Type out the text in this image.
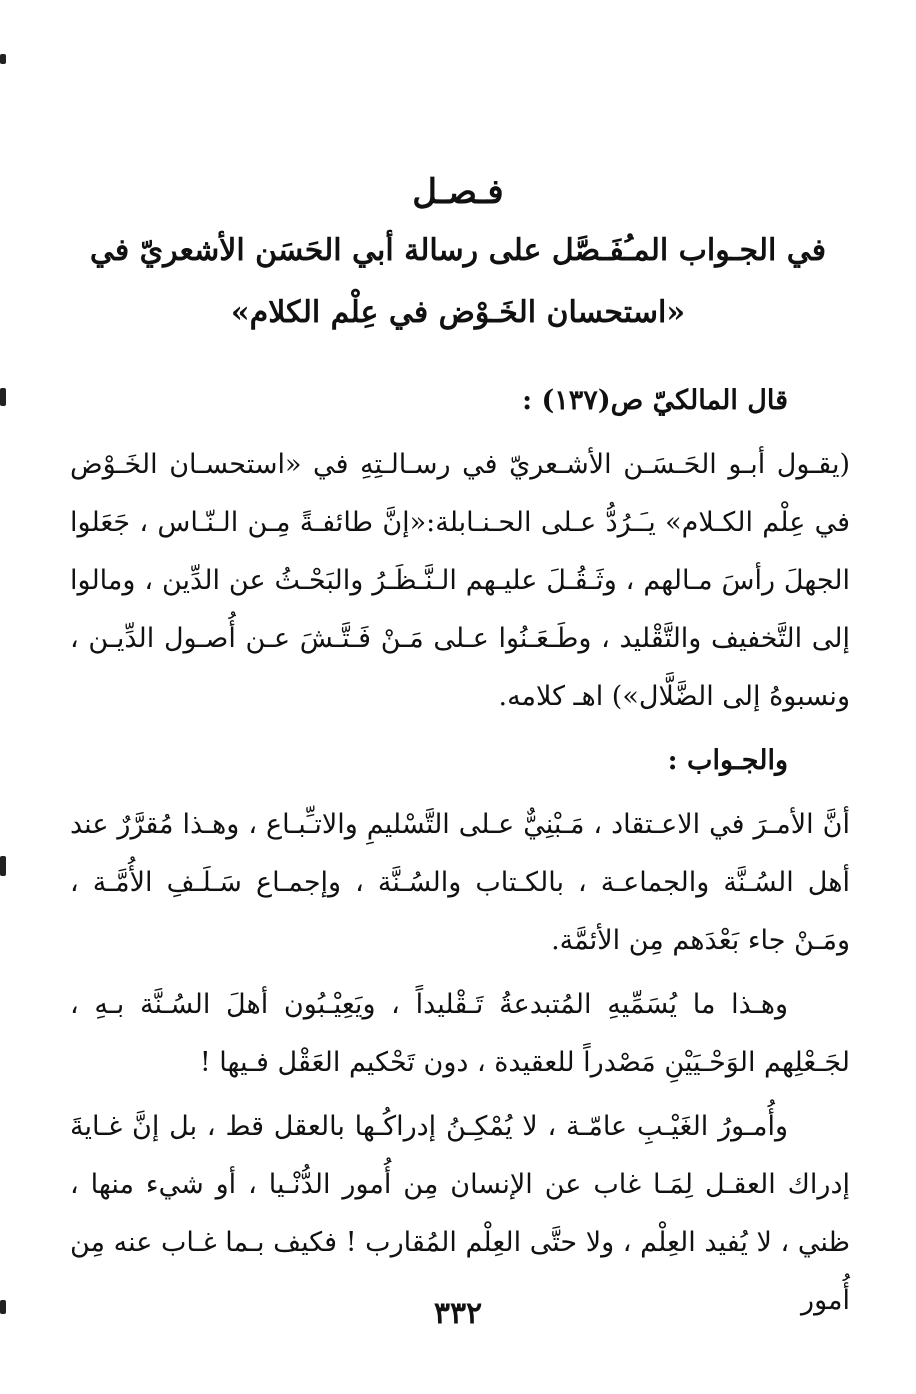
فـصـل
في الجـواب المـُفَـصَّل على رسالة أبي الحَسَن الأشعريّ في «استحسان الخَـوْض في عِلْم الكلام»

قال المالكيّ ص(١٣٧) :

(يقـول أبـو الحَـسَـن الأشـعريّ في رسـالـتِهِ في «استحسـان الخَـوْض في عِلْم الكـلام» يـَـرُدُّ عـلى الحـنـابلة:«إنَّ طائفـةً مِـن الـنّـاس ، جَعَلوا الجهلَ رأسَ مـالهم ، وثَـقُـلَ عليـهم الـنَّـظَـرُ والبَحْـثُ عن الدِّين ، ومالوا إلى التَّخفيف والتَّقْليد ، وطَـعَـنُوا عـلى مَـنْ فَـتَّـشَ عـن أُصـول الدِّيـن ، ونسبوهُ إلى الضَّلَّال») اهـ كلامه.

والجـواب :

أنَّ الأمـرَ في الاعـتقاد ، مَـبْنِيٌّ عـلى التَّسْليمِ والاتـِّبـاع ، وهـذا مُقرَّرٌ عند أهل السُـنَّة والجماعـة ، بالكـتاب والسُـنَّة ، وإجمـاع سَـلَـفِ الأُمَّـة ، ومَـنْ جاء بَعْدَهم مِن الأئمَّة.

وهـذا ما يُسَمِّيهِ المُتبدعةُ تَـقْليداً ، ويَعِيْـبُون أهلَ السُـنَّة بـهِ ، لجَـعْلِهم الوَحْـيَيْنِ مَصْدراً للعقيدة ، دون تَحْكيم العَقْل فـيها !

وأُمـورُ الغَيْـبِ عامّـة ، لا يُمْكِـنُ إدراكُـها بالعقل قط ، بل إنَّ غـايةَ إدراك العقـل لِمَـا غاب عن الإنسان مِن أُمور الدُّنْـيا ، أو شيء منها ، ظني ، لا يُفيد العِلْم ، ولا حتَّى العِلْم المُقارب ! فكيف بـما غـاب عنه مِن أُمور

٣٣٢
